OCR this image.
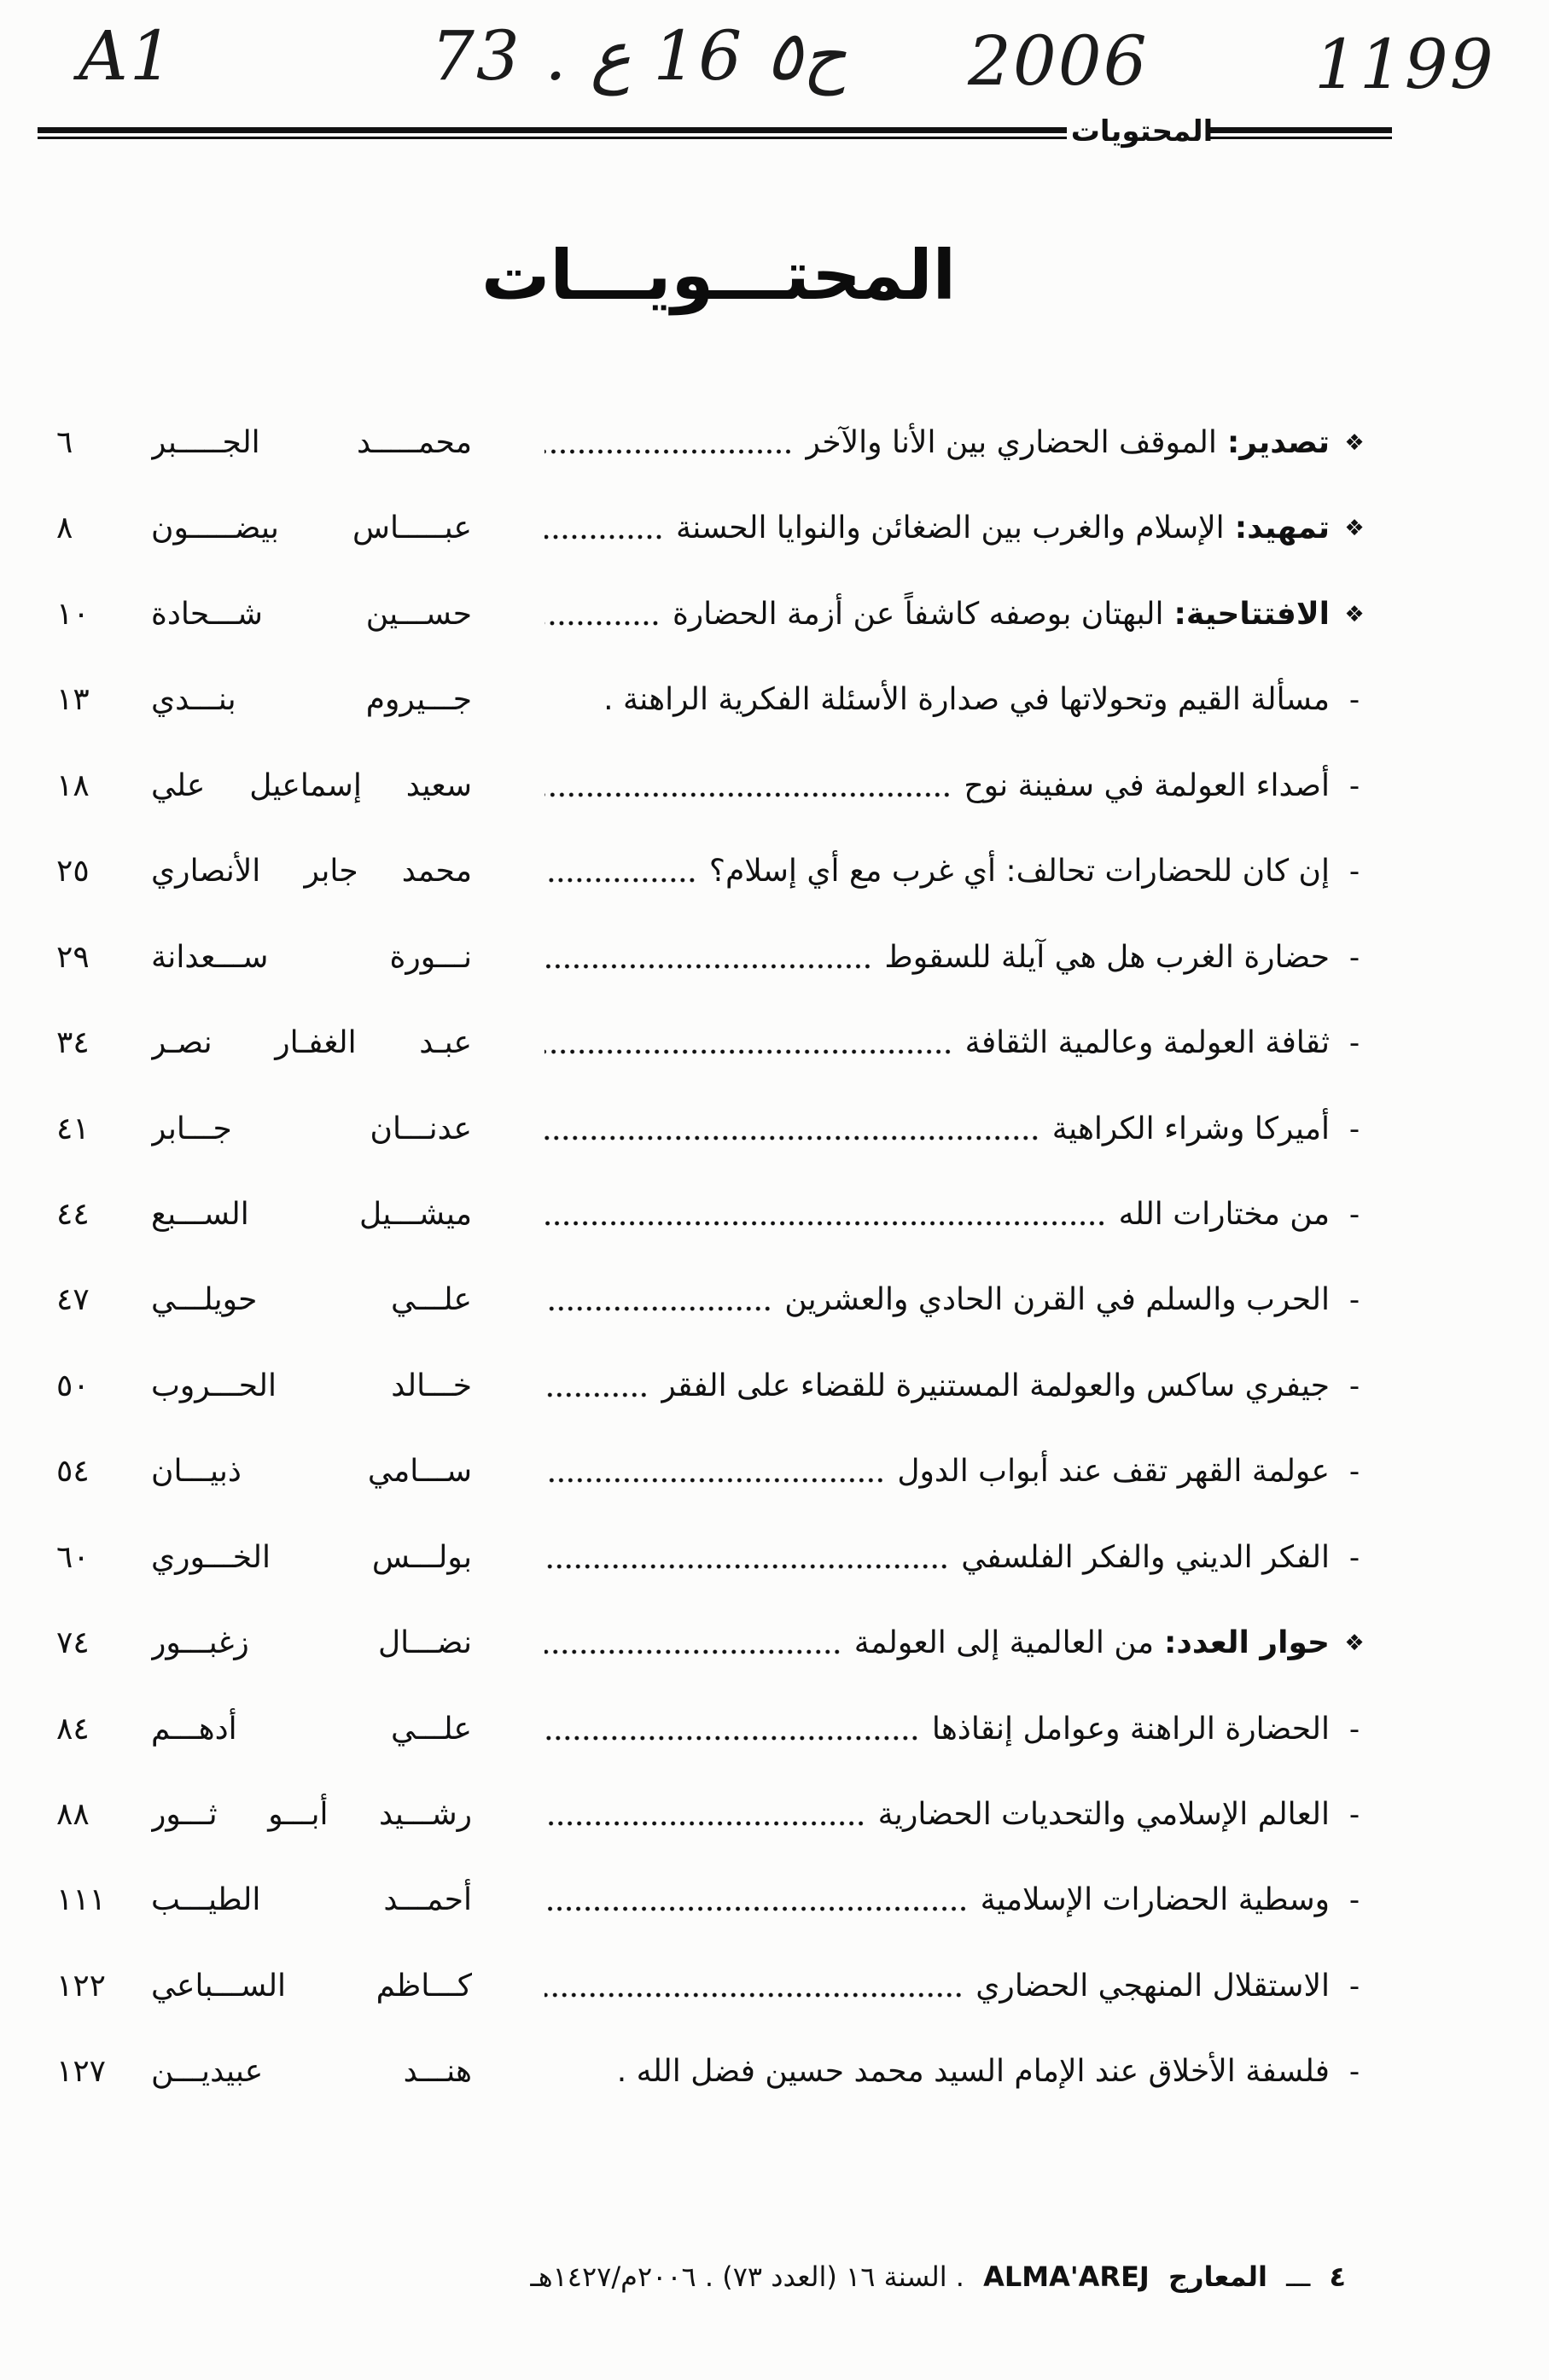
A1	73 . ع 16 ح٥ 2006 1199
المحتويات
المحتـــويـــات
❖
تصدير:
الموقف الحضاري بين الأنا والآخر
محمـــــد الجـــــبر
٦
❖
تمهيد:
الإسلام والغرب بين الضغائن والنوايا الحسنة
عبـــــاس بيضـــــون
٨
❖
الافتتاحية:
البهتان بوصفه كاشفاً عن أزمة الحضارة
حســـين شـــحادة
١٠
-
مسألة القيم وتحولاتها في صدارة الأسئلة الفكرية الراهنة .
جـــيروم بنـــدي
١٣
-
أصداء العولمة في سفينة نوح
سعيد إسماعيل علي
١٨
-
إن كان للحضارات تحالف: أي غرب مع أي إسلام؟
محمد جابر الأنصاري
٢٥
-
حضارة الغرب هل هي آيلة للسقوط
نـــورة ســـعدانة
٢٩
-
ثقافة العولمة وعالمية الثقافة
عبـد الغفـار نصـر
٣٤
-
أميركا وشراء الكراهية
عدنـــان جـــابر
٤١
-
من مختارات الله
ميشـــيل الســـبع
٤٤
-
الحرب والسلم في القرن الحادي والعشرين
علـــي حويلـــي
٤٧
-
جيفري ساكس والعولمة المستنيرة للقضاء على الفقر
خـــالد الحـــروب
٥٠
-
عولمة القهر تقف عند أبواب الدول
ســـامي ذبيـــان
٥٤
-
الفكر الديني والفكر الفلسفي
بولـــس الخـــوري
٦٠
❖
حوار العدد:
من العالمية إلى العولمة
نضـــال زغبـــور
٧٤
-
الحضارة الراهنة وعوامل إنقاذها
علـــي أدهـــم
٨٤
-
العالم الإسلامي والتحديات الحضارية
رشـــيد أبـــو ثـــور
٨٨
-
وسطية الحضارات الإسلامية
أحمـــد الطيـــب
١١١
-
الاستقلال المنهجي الحضاري
كـــاظم الســـباعي
١٢٢
-
فلسفة الأخلاق عند الإمام السيد محمد حسين فضل الله .
هنـــد عبيديـــن
١٢٧
٤ ـــ المعارج ALMA'AREJ . السنة ١٦ (العدد ٧٣) . ٢٠٠٦م/١٤٢٧هـ
